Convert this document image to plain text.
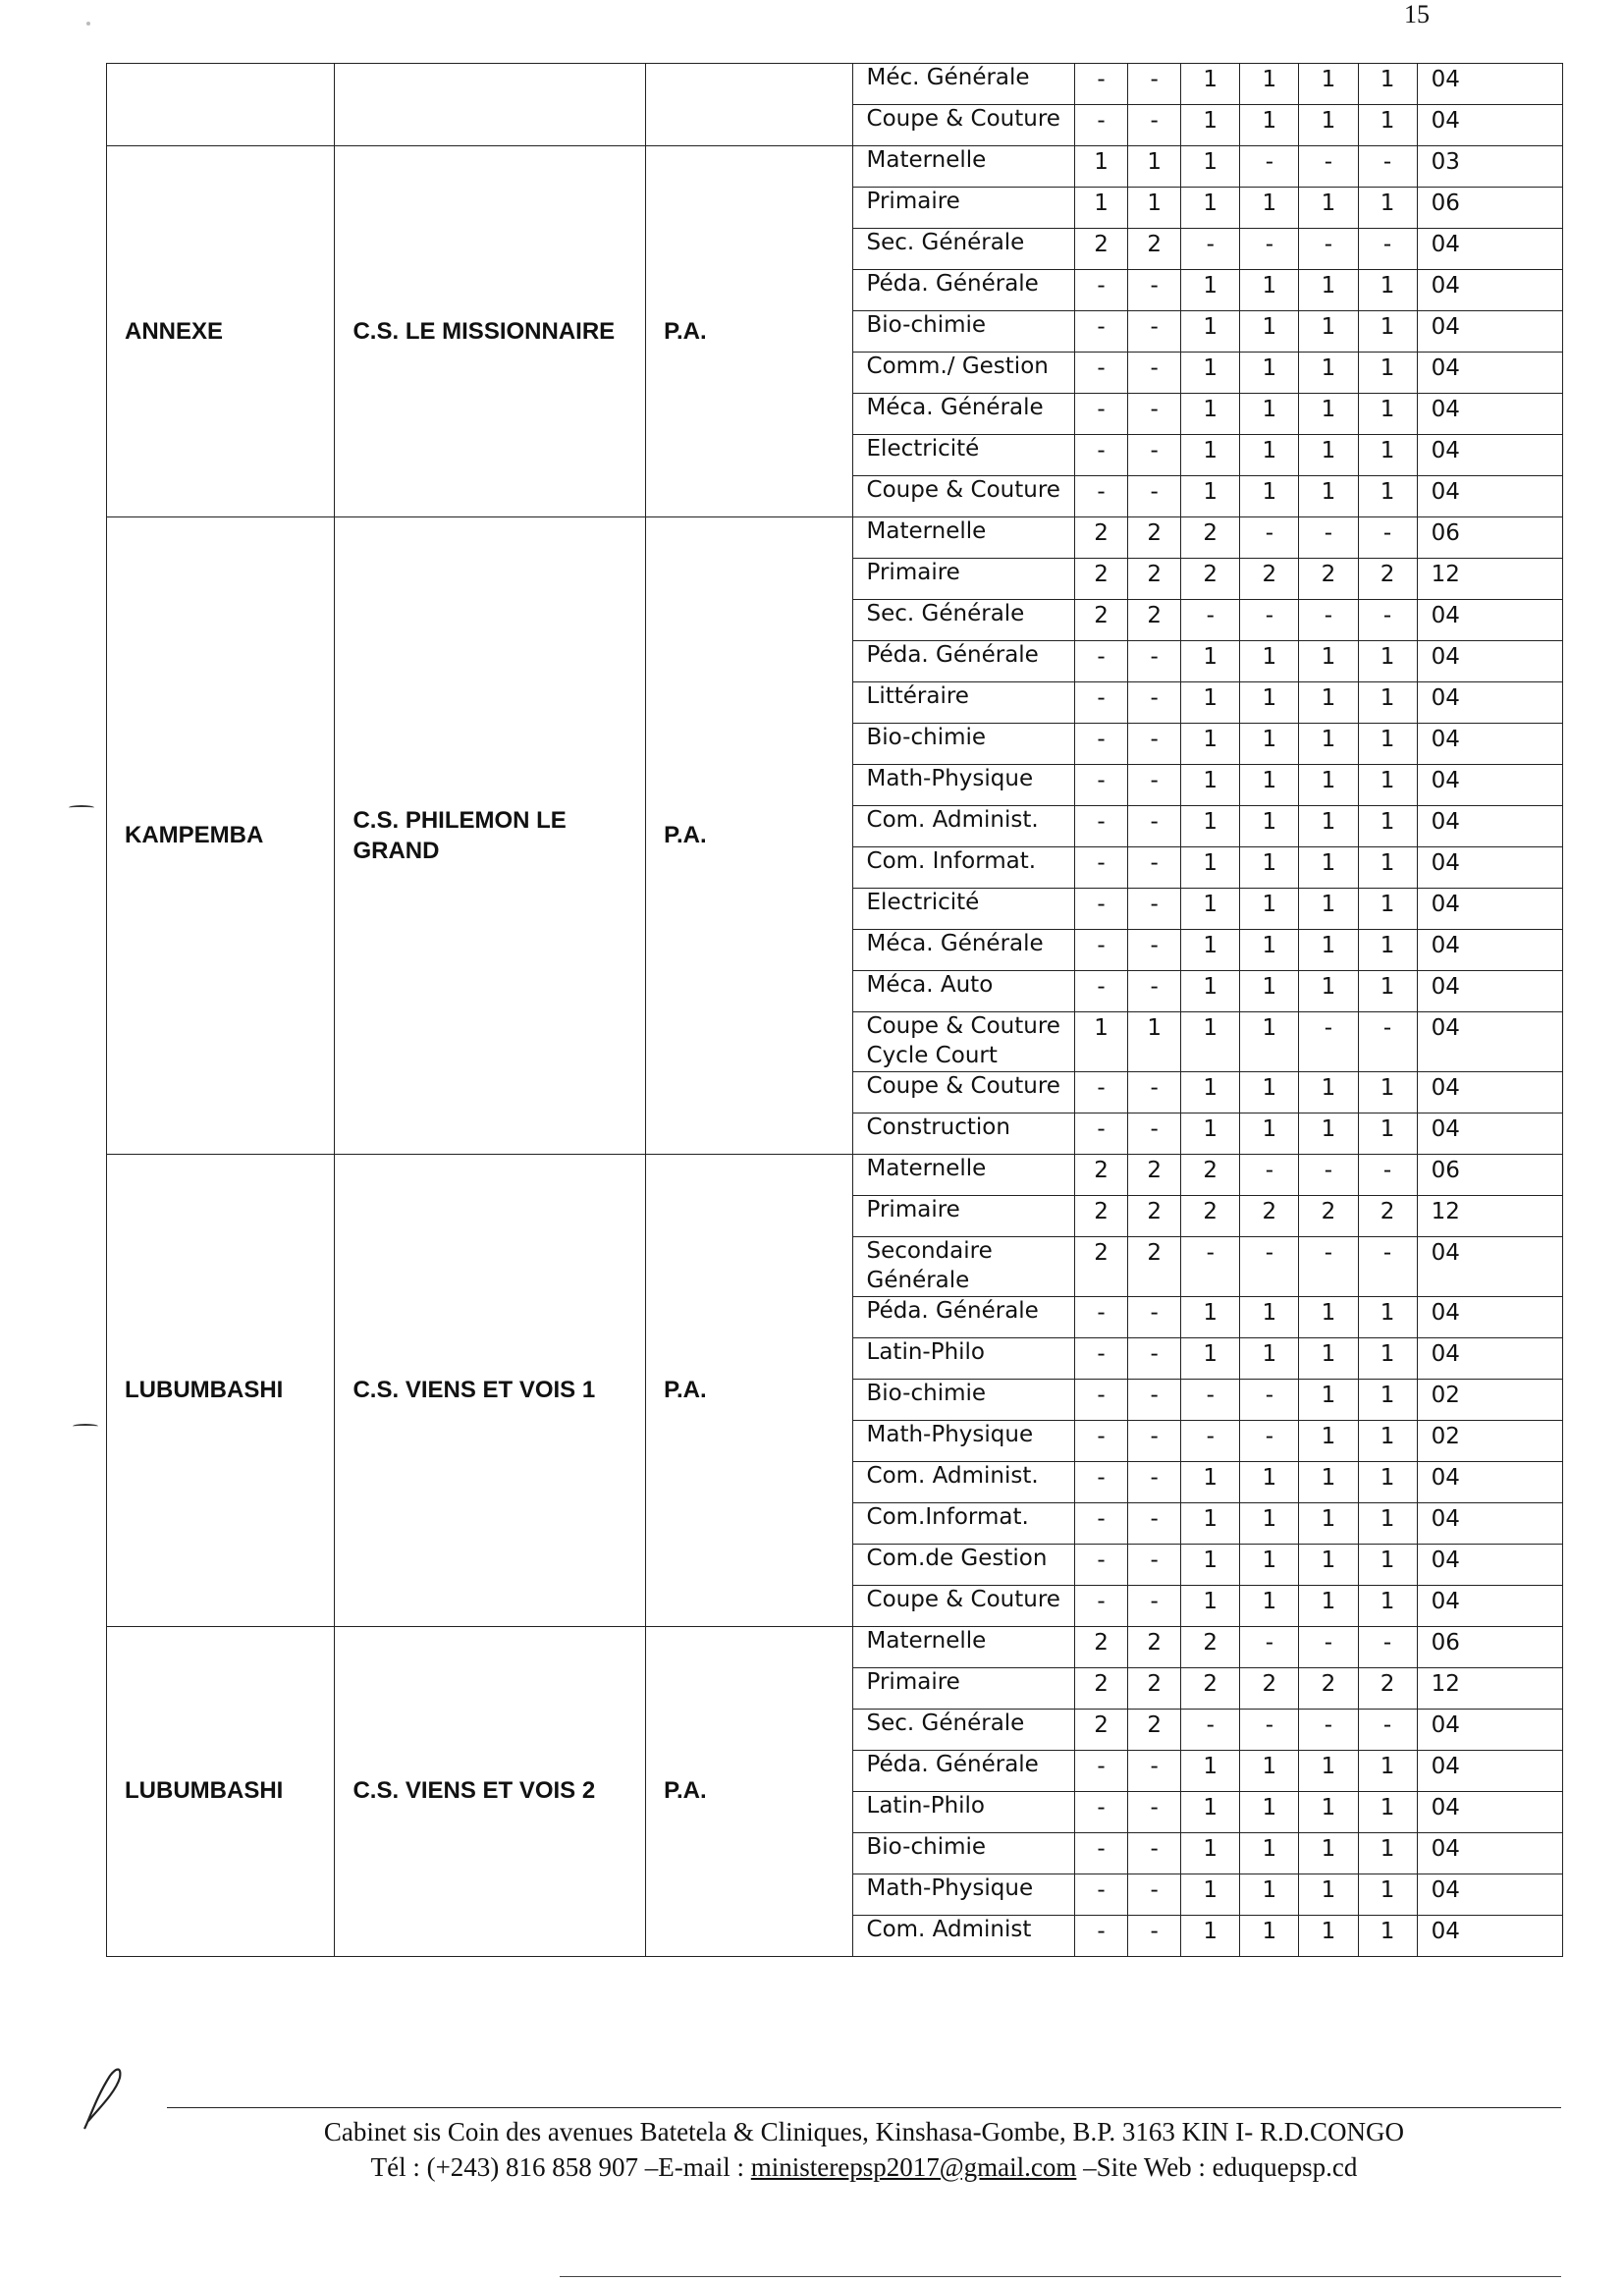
15
			Méc. Générale	-	-	1	1	1	1	04
			Coupe & Couture	-	-	1	1	1	1	04
ANNEXE	C.S. LE MISSIONNAIRE	P.A.	Maternelle	1	1	1	-	-	-	03
			Primaire	1	1	1	1	1	1	06
			Sec. Générale	2	2	-	-	-	-	04
			Péda. Générale	-	-	1	1	1	1	04
			Bio-chimie	-	-	1	1	1	1	04
			Comm./ Gestion	-	-	1	1	1	1	04
			Méca. Générale	-	-	1	1	1	1	04
			Electricité	-	-	1	1	1	1	04
			Coupe & Couture	-	-	1	1	1	1	04
KAMPEMBA	C.S. PHILEMON LE GRAND	P.A.	Maternelle	2	2	2	-	-	-	06
			Primaire	2	2	2	2	2	2	12
			Sec. Générale	2	2	-	-	-	-	04
			Péda. Générale	-	-	1	1	1	1	04
			Littéraire	-	-	1	1	1	1	04
			Bio-chimie	-	-	1	1	1	1	04
			Math-Physique	-	-	1	1	1	1	04
			Com. Administ.	-	-	1	1	1	1	04
			Com. Informat.	-	-	1	1	1	1	04
			Electricité	-	-	1	1	1	1	04
			Méca. Générale	-	-	1	1	1	1	04
			Méca. Auto	-	-	1	1	1	1	04
			Coupe & Couture Cycle Court	1	1	1	1	-	-	04
			Coupe & Couture	-	-	1	1	1	1	04
			Construction	-	-	1	1	1	1	04
LUBUMBASHI	C.S. VIENS ET VOIS 1	P.A.	Maternelle	2	2	2	-	-	-	06
			Primaire	2	2	2	2	2	2	12
			Secondaire Générale	2	2	-	-	-	-	04
			Péda. Générale	-	-	1	1	1	1	04
			Latin-Philo	-	-	1	1	1	1	04
			Bio-chimie	-	-	-	-	1	1	02
			Math-Physique	-	-	-	-	1	1	02
			Com. Administ.	-	-	1	1	1	1	04
			Com.Informat.	-	-	1	1	1	1	04
			Com.de Gestion	-	-	1	1	1	1	04
			Coupe & Couture	-	-	1	1	1	1	04
LUBUMBASHI	C.S. VIENS ET VOIS 2	P.A.	Maternelle	2	2	2	-	-	-	06
			Primaire	2	2	2	2	2	2	12
			Sec. Générale	2	2	-	-	-	-	04
			Péda. Générale	-	-	1	1	1	1	04
			Latin-Philo	-	-	1	1	1	1	04
			Bio-chimie	-	-	1	1	1	1	04
			Math-Physique	-	-	1	1	1	1	04
			Com. Administ	-	-	1	1	1	1	04
Cabinet sis Coin des avenues Batetela & Cliniques, Kinshasa-Gombe, B.P. 3163 KIN I- R.D.CONGO
Tél : (+243) 816 858 907 –E-mail : ministerepsp2017@gmail.com –Site Web : eduquepsp.cd
